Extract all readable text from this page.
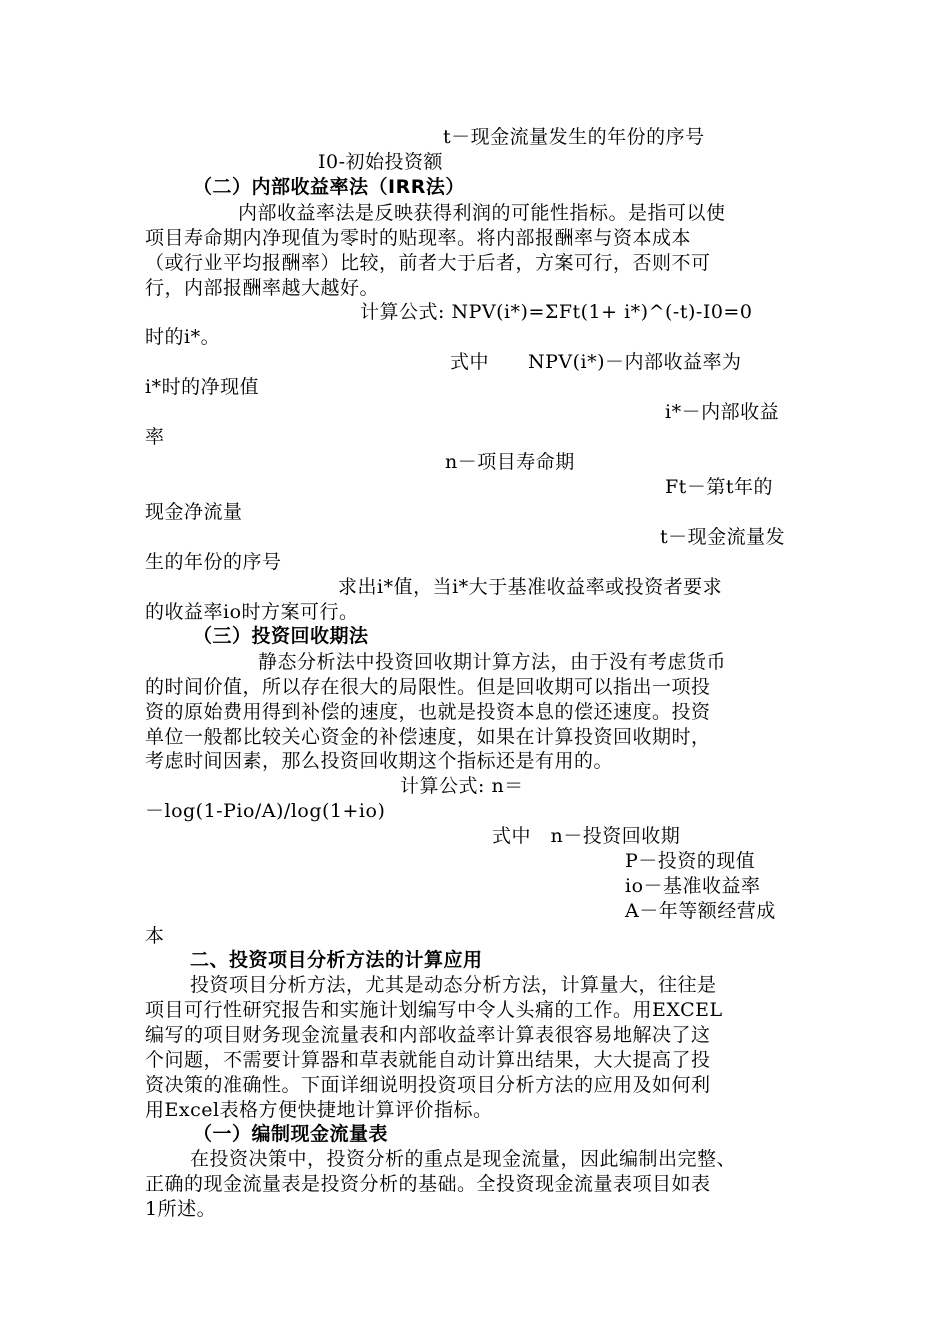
t－现金流量发生的年份的序号
I0-初始投资额
（二）内部收益率法（IRR法）
内部收益率法是反映获得利润的可能性指标。是指可以使
项目寿命期内净现值为零时的贴现率。将内部报酬率与资本成本
（或行业平均报酬率）比较，前者大于后者，方案可行，否则不可
行，内部报酬率越大越好。
计算公式: NPV(i*)=ΣFt(1+ i*)^(-t)-I0=0
时的i*。
式中　　NPV(i*)－内部收益率为
i*时的净现值
i*－内部收益
率
n－项目寿命期
Ft－第t年的
现金净流量
t－现金流量发
生的年份的序号
求出i*值，当i*大于基准收益率或投资者要求
的收益率io时方案可行。
（三）投资回收期法
静态分析法中投资回收期计算方法，由于没有考虑货币
的时间价值，所以存在很大的局限性。但是回收期可以指出一项投
资的原始费用得到补偿的速度，也就是投资本息的偿还速度。投资
单位一般都比较关心资金的补偿速度，如果在计算投资回收期时，
考虑时间因素，那么投资回收期这个指标还是有用的。
计算公式: n＝
－log(1-Pio/A)/log(1+io)
式中　n－投资回收期
P－投资的现值
io－基准收益率
A－年等额经营成
本
二、投资项目分析方法的计算应用
投资项目分析方法，尤其是动态分析方法，计算量大，往往是
项目可行性研究报告和实施计划编写中令人头痛的工作。用EXCEL
编写的项目财务现金流量表和内部收益率计算表很容易地解决了这
个问题，不需要计算器和草表就能自动计算出结果，大大提高了投
资决策的准确性。下面详细说明投资项目分析方法的应用及如何利
用Excel表格方便快捷地计算评价指标。
（一）编制现金流量表
在投资决策中，投资分析的重点是现金流量，因此编制出完整、
正确的现金流量表是投资分析的基础。全投资现金流量表项目如表
1所述。
